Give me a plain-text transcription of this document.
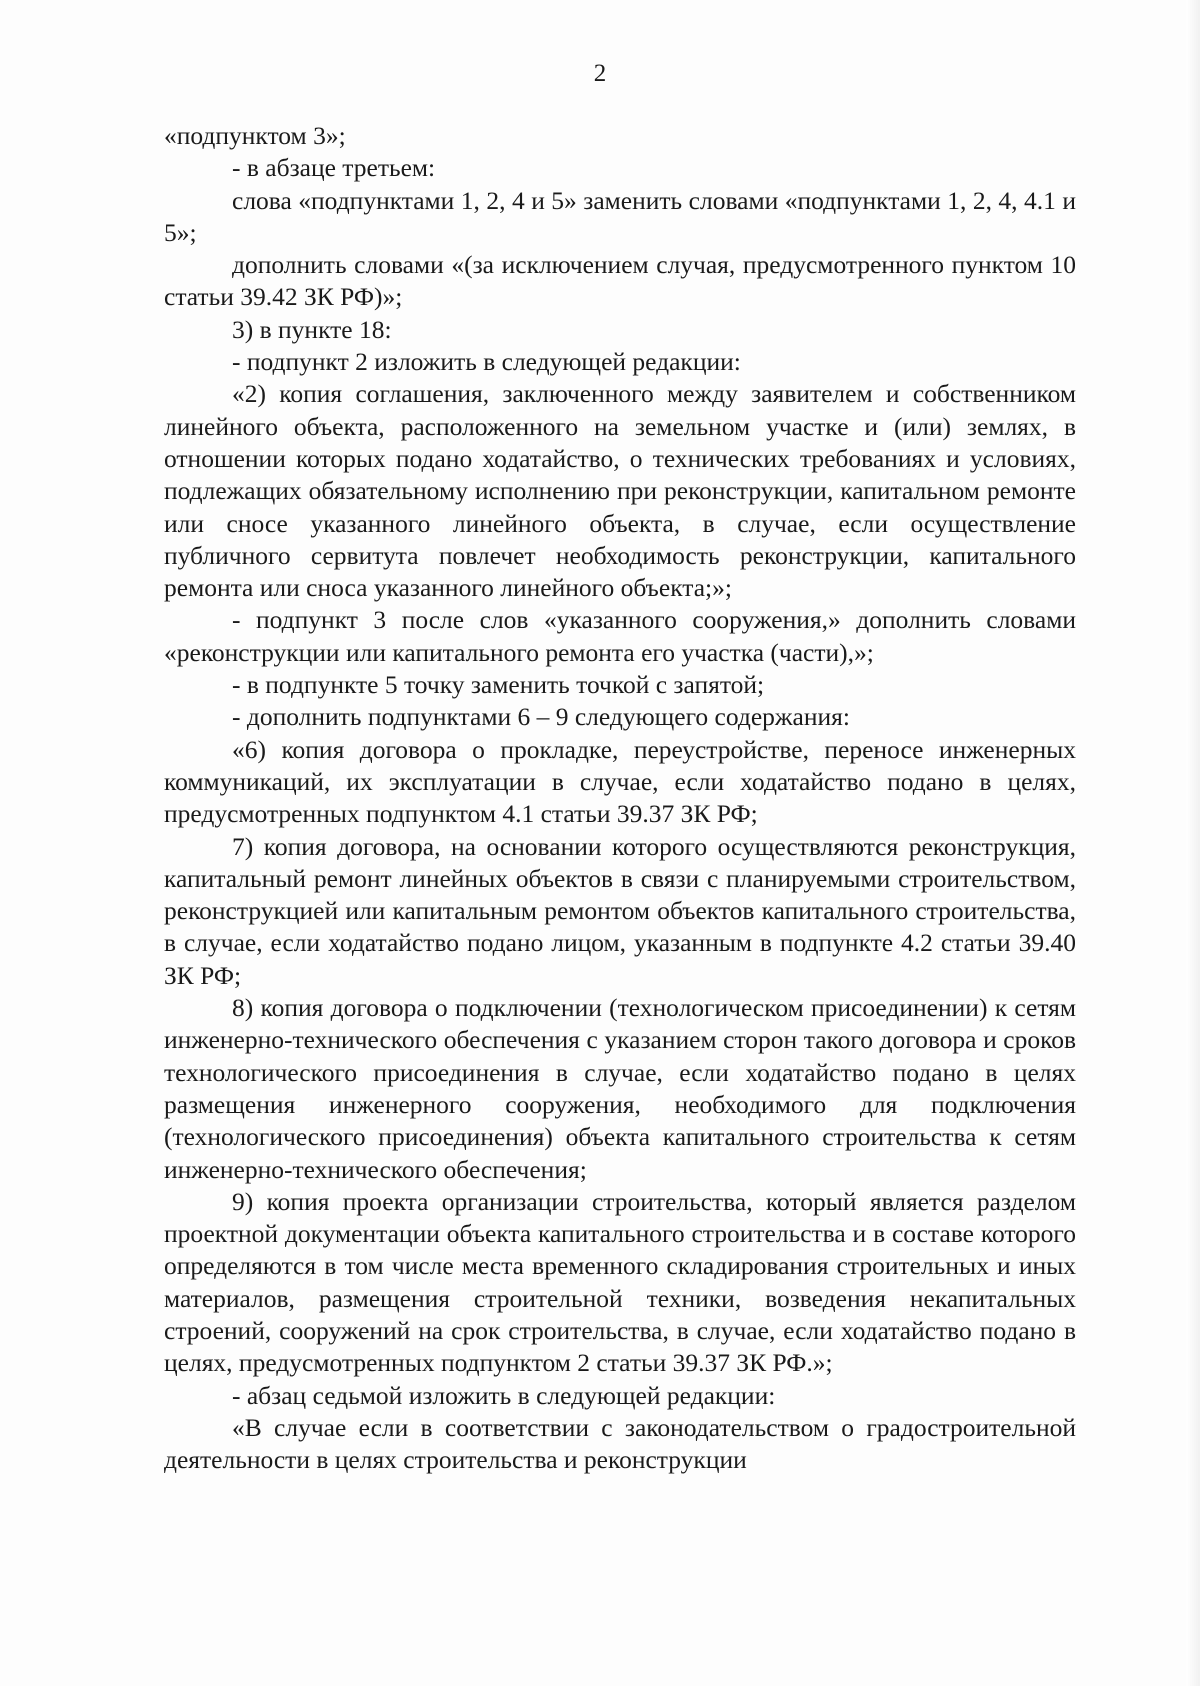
2

«подпунктом 3»;

- в абзаце третьем:

слова «подпунктами 1, 2, 4 и 5» заменить словами «подпунктами 1, 2, 4, 4.1 и 5»;

дополнить словами «(за исключением случая, предусмотренного пунктом 10 статьи 39.42 ЗК РФ)»;

3) в пункте 18:

- подпункт 2 изложить в следующей редакции:

«2) копия соглашения, заключенного между заявителем и собственником линейного объекта, расположенного на земельном участке и (или) землях, в отношении которых подано ходатайство, о технических требованиях и условиях, подлежащих обязательному исполнению при реконструкции, капитальном ремонте или сносе указанного линейного объекта, в случае, если осуществление публичного сервитута повлечет необходимость реконструкции, капитального ремонта или сноса указанного линейного объекта;»;

- подпункт 3 после слов «указанного сооружения,» дополнить словами «реконструкции или капитального ремонта его участка (части),»;

- в подпункте 5 точку заменить точкой с запятой;

- дополнить подпунктами 6 – 9 следующего содержания:

«6) копия договора о прокладке, переустройстве, переносе инженерных коммуникаций, их эксплуатации в случае, если ходатайство подано в целях, предусмотренных подпунктом 4.1 статьи 39.37 ЗК РФ;

7) копия договора, на основании которого осуществляются реконструкция, капитальный ремонт линейных объектов в связи с планируемыми строительством, реконструкцией или капитальным ремонтом объектов капитального строительства, в случае, если ходатайство подано лицом, указанным в подпункте 4.2 статьи 39.40 ЗК РФ;

8) копия договора о подключении (технологическом присоединении) к сетям инженерно-технического обеспечения с указанием сторон такого договора и сроков технологического присоединения в случае, если ходатайство подано в целях размещения инженерного сооружения, необходимого для подключения (технологического присоединения) объекта капитального строительства к сетям инженерно-технического обеспечения;

9) копия проекта организации строительства, который является разделом проектной документации объекта капитального строительства и в составе которого определяются в том числе места временного складирования строительных и иных материалов, размещения строительной техники, возведения некапитальных строений, сооружений на срок строительства, в случае, если ходатайство подано в целях, предусмотренных подпунктом 2 статьи 39.37 ЗК РФ.»;

- абзац седьмой изложить в следующей редакции:

«В случае если в соответствии с законодательством о градостроительной деятельности в целях строительства и реконструкции
